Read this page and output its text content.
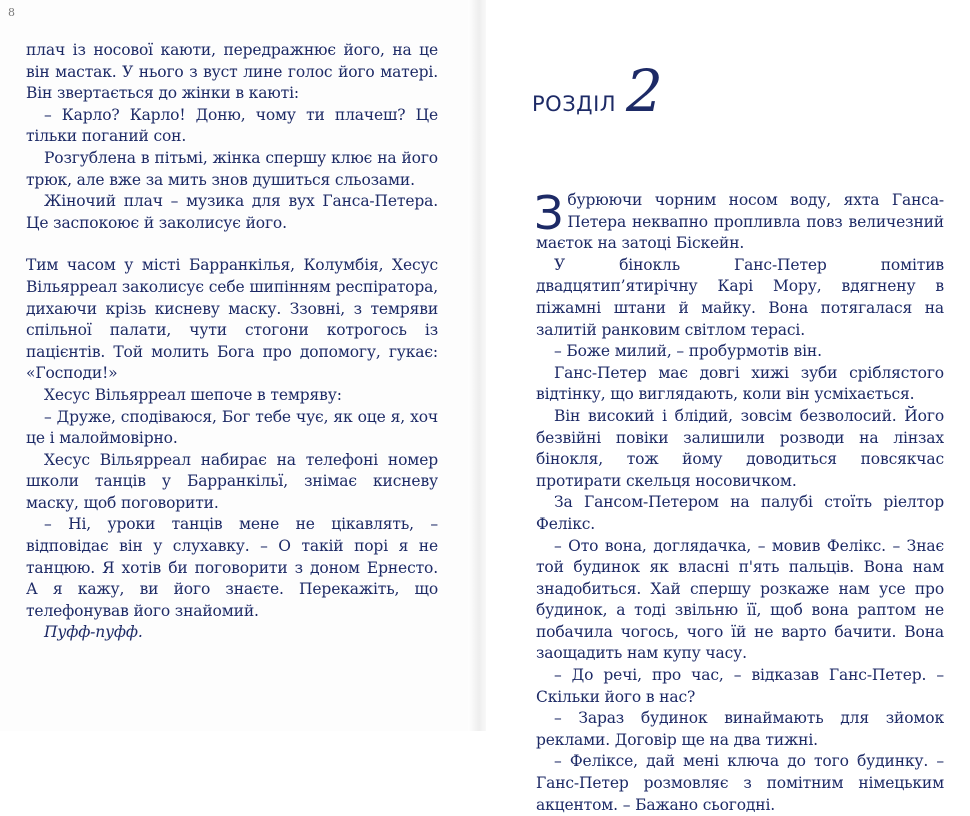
8

плач із носової каюти, передражнює його, на це він мастак. У нього з вуст лине голос його матері. Він звертається до жінки в каюті:

– Карло? Карло! Доню, чому ти плачеш? Це тільки поганий сон.

Розгублена в пітьмі, жінка спершу клює на його трюк, але вже за мить знов душиться сльозами.

Жіночий плач – музика для вух Ганса-Петера. Це заспокоює й заколисує його.

Тим часом у місті Барранкілья, Колумбія, Хесус Вільярреал заколисує себе шипінням респіратора, дихаючи крізь кисневу маску. Ззовні, з темряви спільної палати, чути стогони котрогось із пацієнтів. Той молить Бога про допомогу, гукає: «Господи!»

Хесус Вільярреал шепоче в темряву:

– Друже, сподіваюся, Бог тебе чує, як оце я, хоч це і малоймовірно.

Хесус Вільярреал набирає на телефоні номер школи танців у Барранкільї, знімає кисневу маску, щоб поговорити.

– Ні, уроки танців мене не цікавлять, – відповідає він у слухавку. – О такій порі я не танцюю. Я хотів би поговорити з доном Ернесто. А я кажу, ви його знаєте. Перекажіть, що телефонував його знайомий.

Пуфф-пуфф.

РОЗДІЛ 2

Збурюючи чорним носом воду, яхта Ганса-Петера неквапно пропливла повз величезний маєток на затоці Біскейн.

У бінокль Ганс-Петер помітив двадцятип’ятирічну Карі Мору, вдягнену в піжамні штани й майку. Вона потягалася на залитій ранковим світлом терасі.

– Боже милий, – пробурмотів він.

Ганс-Петер має довгі хижі зуби сріблястого відтінку, що виглядають, коли він усміхається.

Він високий і блідий, зовсім безволосий. Його безвійні повіки залишили розводи на лінзах бінокля, тож йому доводиться повсякчас протирати скельця носовичком.

За Гансом-Петером на палубі стоїть ріелтор Фелікс.

– Ото вона, доглядачка, – мовив Фелікс. – Знає той будинок як власні п'ять пальців. Вона нам знадобиться. Хай спершу розкаже нам усе про будинок, а тоді звільню її, щоб вона раптом не побачила чогось, чого їй не варто бачити. Вона заощадить нам купу часу.

– До речі, про час, – відказав Ганс-Петер. – Скільки його в нас?

– Зараз будинок винаймають для зйомок реклами. Договір ще на два тижні.

– Феліксе, дай мені ключа до того будинку. – Ганс-Петер розмовляє з помітним німецьким акцентом. – Бажано сьогодні.
